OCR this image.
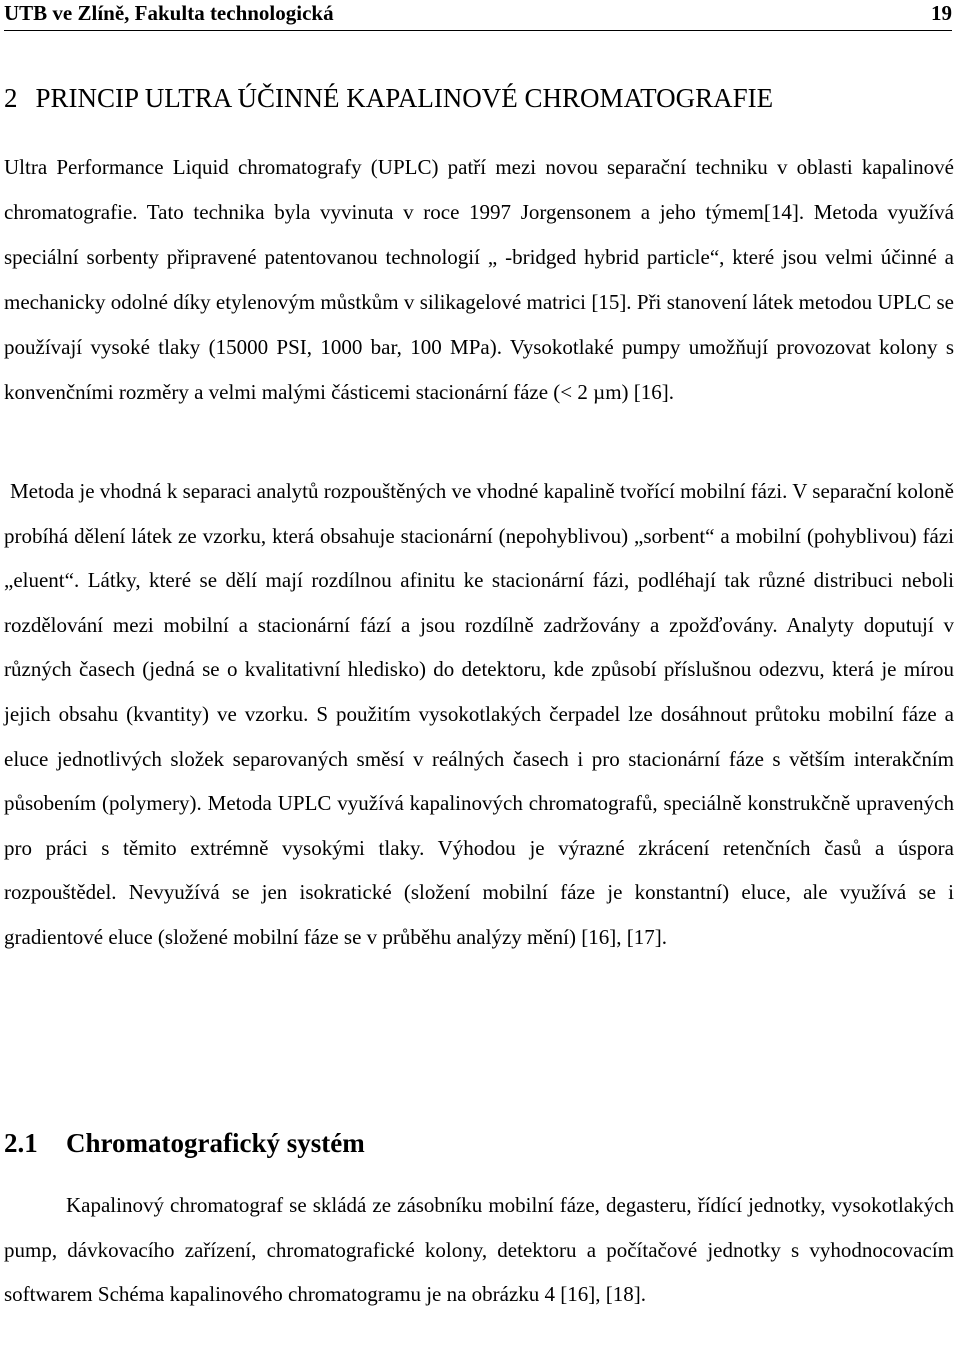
UTB ve Zlíně, Fakulta technologická	19
2 PRINCIP ULTRA ÚČINNÉ KAPALINOVÉ CHROMATOGRAFIE

Ultra Performance Liquid chromatografy (UPLC) patří mezi novou separační techniku v oblasti kapalinové chromatografie. Tato technika byla vyvinuta v roce 1997 Jorgensonem a jeho týmem[14]. Metoda využívá speciální sorbenty připravené patentovanou technologií „ -bridged hybrid particle“, které jsou velmi účinné a mechanicky odolné díky etylenovým můstkům v silikagelové matrici [15]. Při stanovení látek metodou UPLC se používají vysoké tlaky (15000 PSI, 1000 bar, 100 MPa). Vysokotlaké pumpy umožňují provozovat kolony s konvenčními rozměry a velmi malými částicemi stacionární fáze (< 2 µm) [16].

Metoda je vhodná k separaci analytů rozpouštěných ve vhodné kapalině tvořící mobilní fázi. V separační koloně probíhá dělení látek ze vzorku, která obsahuje stacionární (nepohyblivou) „sorbent“ a mobilní (pohyblivou) fázi „eluent“. Látky, které se dělí mají rozdílnou afinitu ke stacionární fázi, podléhají tak různé distribuci neboli rozdělování mezi mobilní a stacionární fází a jsou rozdílně zadržovány a zpožďovány. Analyty doputují v různých časech (jedná se o kvalitativní hledisko) do detektoru, kde způsobí příslušnou odezvu, která je mírou jejich obsahu (kvantity) ve vzorku. S použitím vysokotlakých čerpadel lze dosáhnout průtoku mobilní fáze a eluce jednotlivých složek separovaných směsí v reálných časech i pro stacionární fáze s větším interakčním působením (polymery). Metoda UPLC využívá kapalinových chromatografů, speciálně konstrukčně upravených pro práci s těmito extrémně vysokými tlaky. Výhodou je výrazné zkrácení retenčních časů a úspora rozpouštědel. Nevyužívá se jen isokratické (složení mobilní fáze je konstantní) eluce, ale využívá se i gradientové eluce (složené mobilní fáze se v průběhu analýzy mění) [16], [17].

2.1 Chromatografický systém

Kapalinový chromatograf se skládá ze zásobníku mobilní fáze, degasteru, řídící jednotky, vysokotlakých pump, dávkovacího zařízení, chromatografické kolony, detektoru a počítačové jednotky s vyhodnocovacím softwarem Schéma kapalinového chromatogramu je na obrázku 4 [16], [18].
